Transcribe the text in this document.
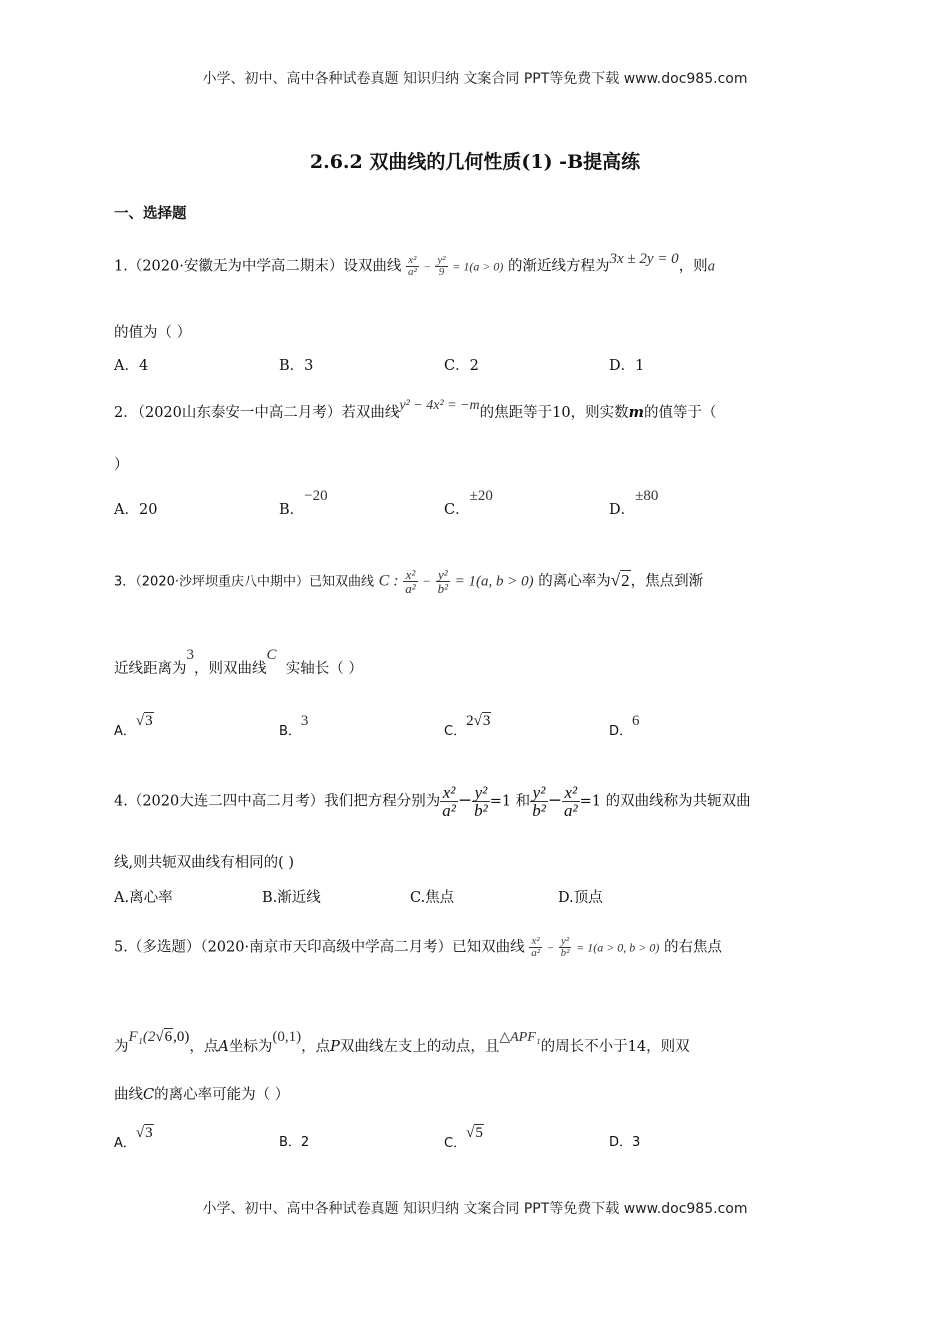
小学、初中、高中各种试卷真题 知识归纳 文案合同 PPT等免费下载 www.doc985.com
2.6.2 双曲线的几何性质(1) -B提高练
一、选择题
1.（2020·安徽无为中学高二期末）设双曲线 $\frac{\text{x²}}{\text{a²}} - \frac{\text{y²}}{9} = 1(a > 0)$ 的渐近线方程为3x ± 2y = 0，则a
的值为（ ）
A．4	B．3	C．2	D．1
2．（2020山东泰安一中高二月考）若双曲线y² − 4x² = −m的焦距等于10，则实数m的值等于（
）
A．20	B．−20
C．±20
D．±80
3．（2020·沙坪坝重庆八中期中）已知双曲线 C : $\frac{\text{x²}}{\text{a²}} - \frac{\text{y²}}{\text{b²}} = 1(a$, b > 0) 的离心率为√2，焦点到渐
近线距离为3，则双曲线C  实轴长（ ）
A．√3
B．3
C．2√3
D．6
4.（2020大连二四中高二月考）我们把方程分别为 $\frac{\text{x²}}{\text{a²}} - \frac{\text{y²}}{\text{b²}} =1$ 和 $\frac{\text{y²}}{\text{b²}} - \frac{\text{x²}}{\text{a²}} =1$ 的双曲线称为共轭双曲
线,则共轭双曲线有相同的( )
A.离心率	B.渐近线	C.焦点	D.顶点
5.（多选题）（2020·南京市天印高级中学高二月考）已知双曲线 $\frac{\text{x²}}{\text{a²}} - \frac{\text{y²}}{\text{b²}} = 1(a > 0$, b > 0) 的右焦点
为F₁(2√6,0)，点A坐标为(0,1)，点P双曲线左支上的动点，且△APF₁的周长不小于14，则双
曲线C的离心率可能为（ ）
A．√3
B．2	C．√5
D．3
小学、初中、高中各种试卷真题 知识归纳 文案合同 PPT等免费下载 www.doc985.com
